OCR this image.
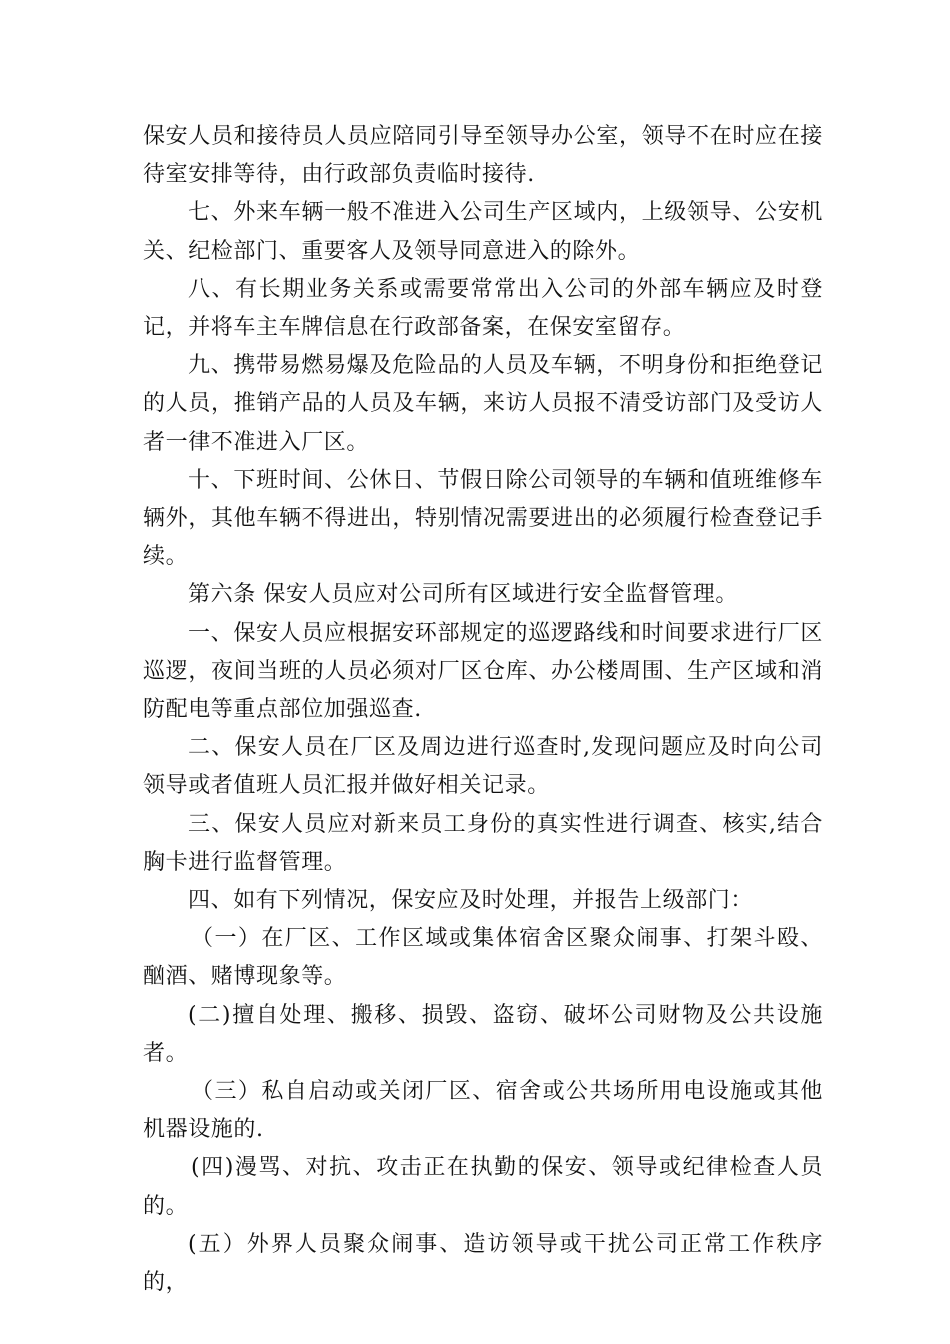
保安人员和接待员人员应陪同引导至领导办公室，领导不在时应在接待室安排等待，由行政部负责临时接待.

七、外来车辆一般不准进入公司生产区域内，上级领导、公安机关、纪检部门、重要客人及领导同意进入的除外。

八、有长期业务关系或需要常常出入公司的外部车辆应及时登记，并将车主车牌信息在行政部备案，在保安室留存。

九、携带易燃易爆及危险品的人员及车辆，不明身份和拒绝登记的人员，推销产品的人员及车辆，来访人员报不清受访部门及受访人者一律不准进入厂区。

十、下班时间、公休日、节假日除公司领导的车辆和值班维修车辆外，其他车辆不得进出，特别情况需要进出的必须履行检查登记手续。

第六条 保安人员应对公司所有区域进行安全监督管理。

一、保安人员应根据安环部规定的巡逻路线和时间要求进行厂区巡逻，夜间当班的人员必须对厂区仓库、办公楼周围、生产区域和消防配电等重点部位加强巡查.

二、保安人员在厂区及周边进行巡查时,发现问题应及时向公司领导或者值班人员汇报并做好相关记录。

三、保安人员应对新来员工身份的真实性进行调查、核实,结合胸卡进行监督管理。

四、如有下列情况，保安应及时处理，并报告上级部门：

（一）在厂区、工作区域或集体宿舍区聚众闹事、打架斗殴、酗酒、赌博现象等。

(二)擅自处理、搬移、损毁、盗窃、破坏公司财物及公共设施者。

（三）私自启动或关闭厂区、宿舍或公共场所用电设施或其他机器设施的.

(四)漫骂、对抗、攻击正在执勤的保安、领导或纪律检查人员的。

(五）外界人员聚众闹事、造访领导或干扰公司正常工作秩序的，
